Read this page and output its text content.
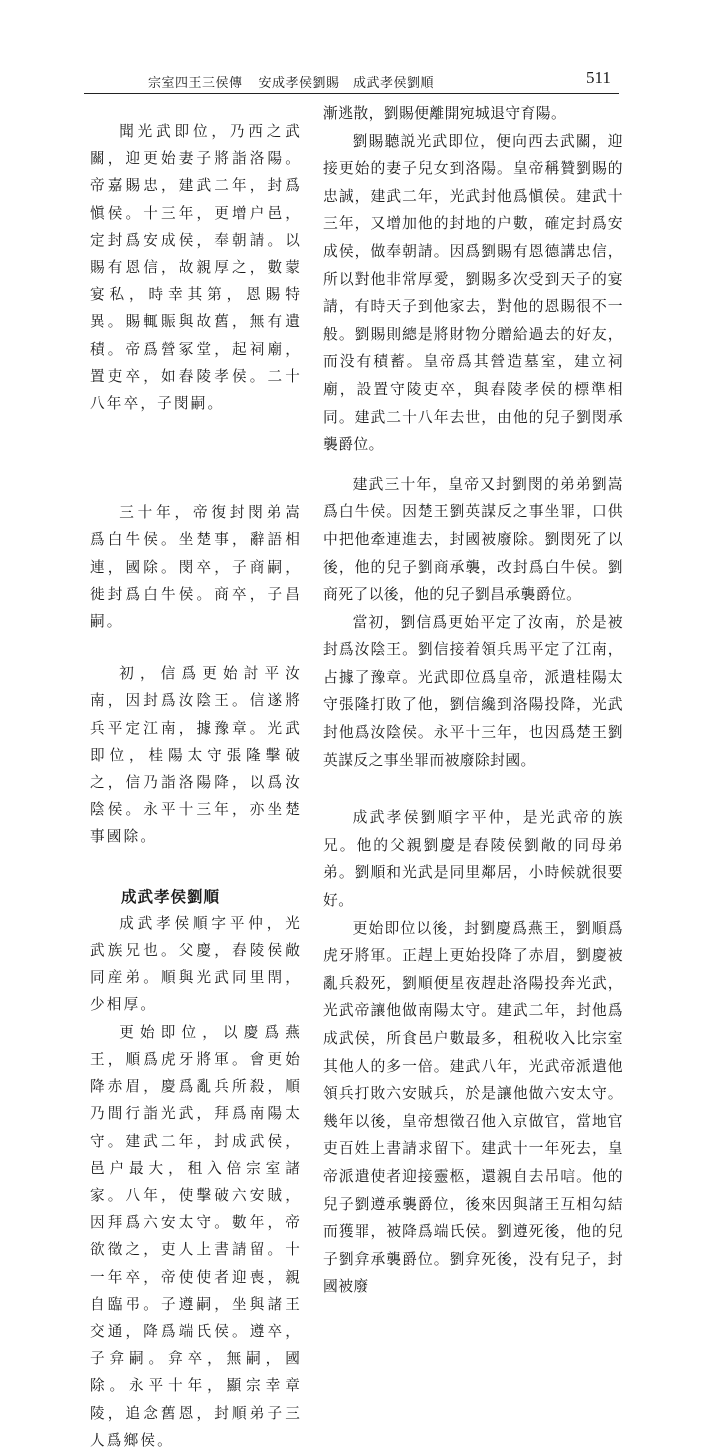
宗室四王三侯傳 安成孝侯劉賜　成武孝侯劉順	511

聞光武即位，乃西之武關，迎更始妻子將詣洛陽。帝嘉賜忠，建武二年，封爲愼侯。十三年，更增户邑，定封爲安成侯，奉朝請。以賜有恩信，故親厚之，數蒙宴私，時幸其第，恩賜特異。賜輒賑與故舊，無有遺積。帝爲營冢堂，起祠廟，置吏卒，如舂陵孝侯。二十八年卒，子閔嗣。

三十年，帝復封閔弟嵩爲白牛侯。坐楚事，辭語相連，國除。閔卒，子商嗣，徙封爲白牛侯。商卒，子昌嗣。

初，信爲更始討平汝南，因封爲汝陰王。信遂將兵平定江南，據豫章。光武即位，桂陽太守張隆擊破之，信乃詣洛陽降，以爲汝陰侯。永平十三年，亦坐楚事國除。

成武孝侯劉順

成武孝侯順字平仲，光武族兄也。父慶，舂陵侯敞同産弟。順與光武同里閈，少相厚。

更始即位，以慶爲燕王，順爲虎牙將軍。會更始降赤眉，慶爲亂兵所殺，順乃間行詣光武，拜爲南陽太守。建武二年，封成武侯，邑户最大，租入倍宗室諸家。八年，使擊破六安賊，因拜爲六安太守。數年，帝欲徵之，吏人上書請留。十一年卒，帝使使者迎喪，親自臨弔。子遵嗣，坐與諸王交通，降爲端氏侯。遵卒，子弇嗣。弇卒，無嗣，國除。永平十年，顯宗幸章陵，追念舊恩，封順弟子三人爲鄉侯。

漸逃散，劉賜便離開宛城退守育陽。

劉賜聽説光武即位，便向西去武關，迎接更始的妻子兒女到洛陽。皇帝稱贊劉賜的忠誠，建武二年，光武封他爲愼侯。建武十三年，又增加他的封地的户數，確定封爲安成侯，做奉朝請。因爲劉賜有恩德講忠信，所以對他非常厚愛，劉賜多次受到天子的宴請，有時天子到他家去，對他的恩賜很不一般。劉賜則總是將財物分贈給過去的好友，而没有積蓄。皇帝爲其營造墓室，建立祠廟，設置守陵吏卒，與舂陵孝侯的標準相同。建武二十八年去世，由他的兒子劉閔承襲爵位。

建武三十年，皇帝又封劉閔的弟弟劉嵩爲白牛侯。因楚王劉英謀反之事坐罪，口供中把他牽連進去，封國被廢除。劉閔死了以後，他的兒子劉商承襲，改封爲白牛侯。劉商死了以後，他的兒子劉昌承襲爵位。

當初，劉信爲更始平定了汝南，於是被封爲汝陰王。劉信接着領兵馬平定了江南，占據了豫章。光武即位爲皇帝，派遣桂陽太守張隆打敗了他，劉信纔到洛陽投降，光武封他爲汝陰侯。永平十三年，也因爲楚王劉英謀反之事坐罪而被廢除封國。

成武孝侯劉順字平仲，是光武帝的族兄。他的父親劉慶是舂陵侯劉敞的同母弟弟。劉順和光武是同里鄰居，小時候就很要好。

更始即位以後，封劉慶爲燕王，劉順爲虎牙將軍。正趕上更始投降了赤眉，劉慶被亂兵殺死，劉順便星夜趕赴洛陽投奔光武，光武帝讓他做南陽太守。建武二年，封他爲成武侯，所食邑户數最多，租税收入比宗室其他人的多一倍。建武八年，光武帝派遣他領兵打敗六安賊兵，於是讓他做六安太守。幾年以後，皇帝想徵召他入京做官，當地官吏百姓上書請求留下。建武十一年死去，皇帝派遣使者迎接靈柩，還親自去吊唁。他的兒子劉遵承襲爵位，後來因與諸王互相勾結而獲罪，被降爲端氏侯。劉遵死後，他的兒子劉弇承襲爵位。劉弇死後，没有兒子，封國被廢
